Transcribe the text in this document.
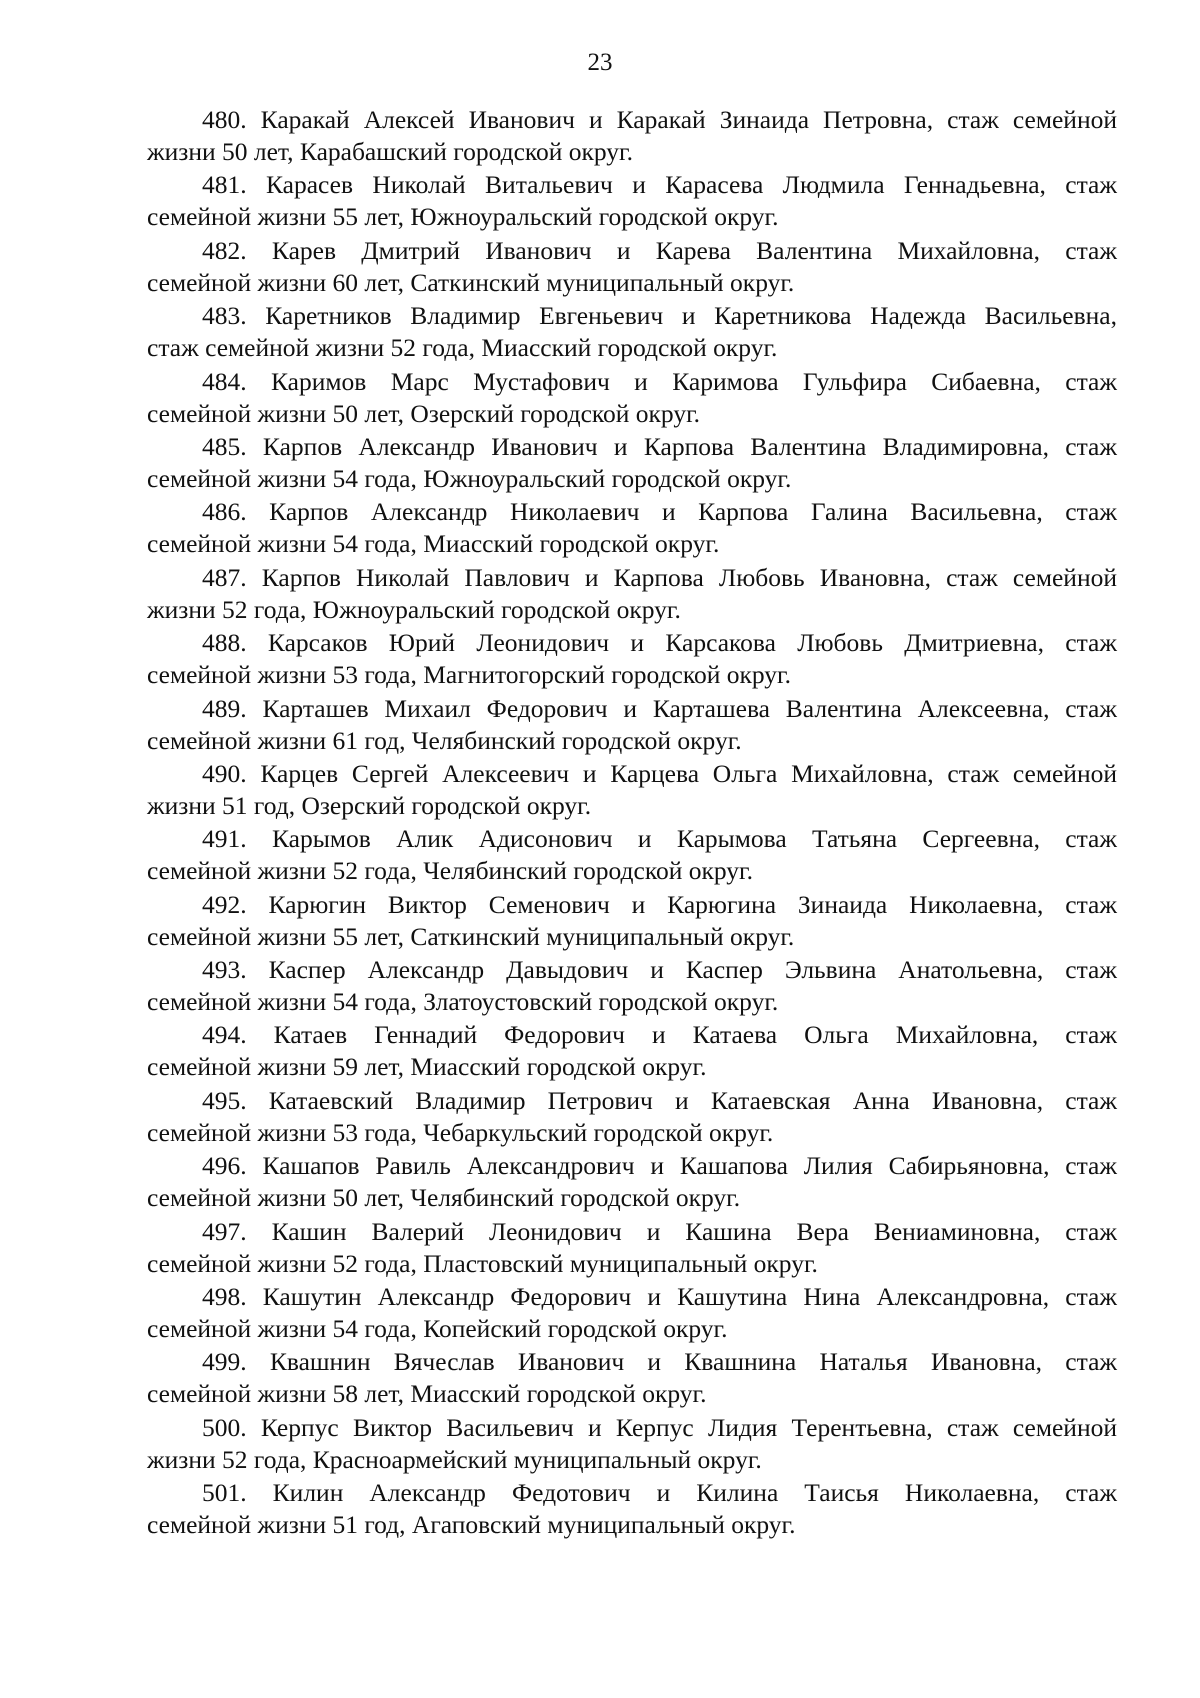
23
480. Каракай Алексей Иванович и Каракай Зинаида Петровна, стаж семейной
жизни 50 лет, Карабашский городской округ.
481. Карасев Николай Витальевич и Карасева Людмила Геннадьевна, стаж
семейной жизни 55 лет, Южноуральский городской округ.
482. Карев Дмитрий Иванович и Карева Валентина Михайловна, стаж
семейной жизни 60 лет, Саткинский муниципальный округ.
483. Каретников Владимир Евгеньевич и Каретникова Надежда Васильевна,
стаж семейной жизни 52 года, Миасский городской округ.
484. Каримов Марс Мустафович и Каримова Гульфира Сибаевна, стаж
семейной жизни 50 лет, Озерский городской округ.
485. Карпов Александр Иванович и Карпова Валентина Владимировна, стаж
семейной жизни 54 года, Южноуральский городской округ.
486. Карпов Александр Николаевич и Карпова Галина Васильевна, стаж
семейной жизни 54 года, Миасский городской округ.
487. Карпов Николай Павлович и Карпова Любовь Ивановна, стаж семейной
жизни 52 года, Южноуральский городской округ.
488. Карсаков Юрий Леонидович и Карсакова Любовь Дмитриевна, стаж
семейной жизни 53 года, Магнитогорский городской округ.
489. Карташев Михаил Федорович и Карташева Валентина Алексеевна, стаж
семейной жизни 61 год, Челябинский городской округ.
490. Карцев Сергей Алексеевич и Карцева Ольга Михайловна, стаж семейной
жизни 51 год, Озерский городской округ.
491. Карымов Алик Адисонович и Карымова Татьяна Сергеевна, стаж
семейной жизни 52 года, Челябинский городской округ.
492. Карюгин Виктор Семенович и Карюгина Зинаида Николаевна, стаж
семейной жизни 55 лет, Саткинский муниципальный округ.
493. Каспер Александр Давыдович и Каспер Эльвина Анатольевна, стаж
семейной жизни 54 года, Златоустовский городской округ.
494. Катаев Геннадий Федорович и Катаева Ольга Михайловна, стаж
семейной жизни 59 лет, Миасский городской округ.
495. Катаевский Владимир Петрович и Катаевская Анна Ивановна, стаж
семейной жизни 53 года, Чебаркульский городской округ.
496. Кашапов Равиль Александрович и Кашапова Лилия Сабирьяновна, стаж
семейной жизни 50 лет, Челябинский городской округ.
497. Кашин Валерий Леонидович и Кашина Вера Вениаминовна, стаж
семейной жизни 52 года, Пластовский муниципальный округ.
498. Кашутин Александр Федорович и Кашутина Нина Александровна, стаж
семейной жизни 54 года, Копейский городской округ.
499. Квашнин Вячеслав Иванович и Квашнина Наталья Ивановна, стаж
семейной жизни 58 лет, Миасский городской округ.
500. Керпус Виктор Васильевич и Керпус Лидия Терентьевна, стаж семейной
жизни 52 года, Красноармейский муниципальный округ.
501. Килин Александр Федотович и Килина Таисья Николаевна, стаж
семейной жизни 51 год, Агаповский муниципальный округ.
